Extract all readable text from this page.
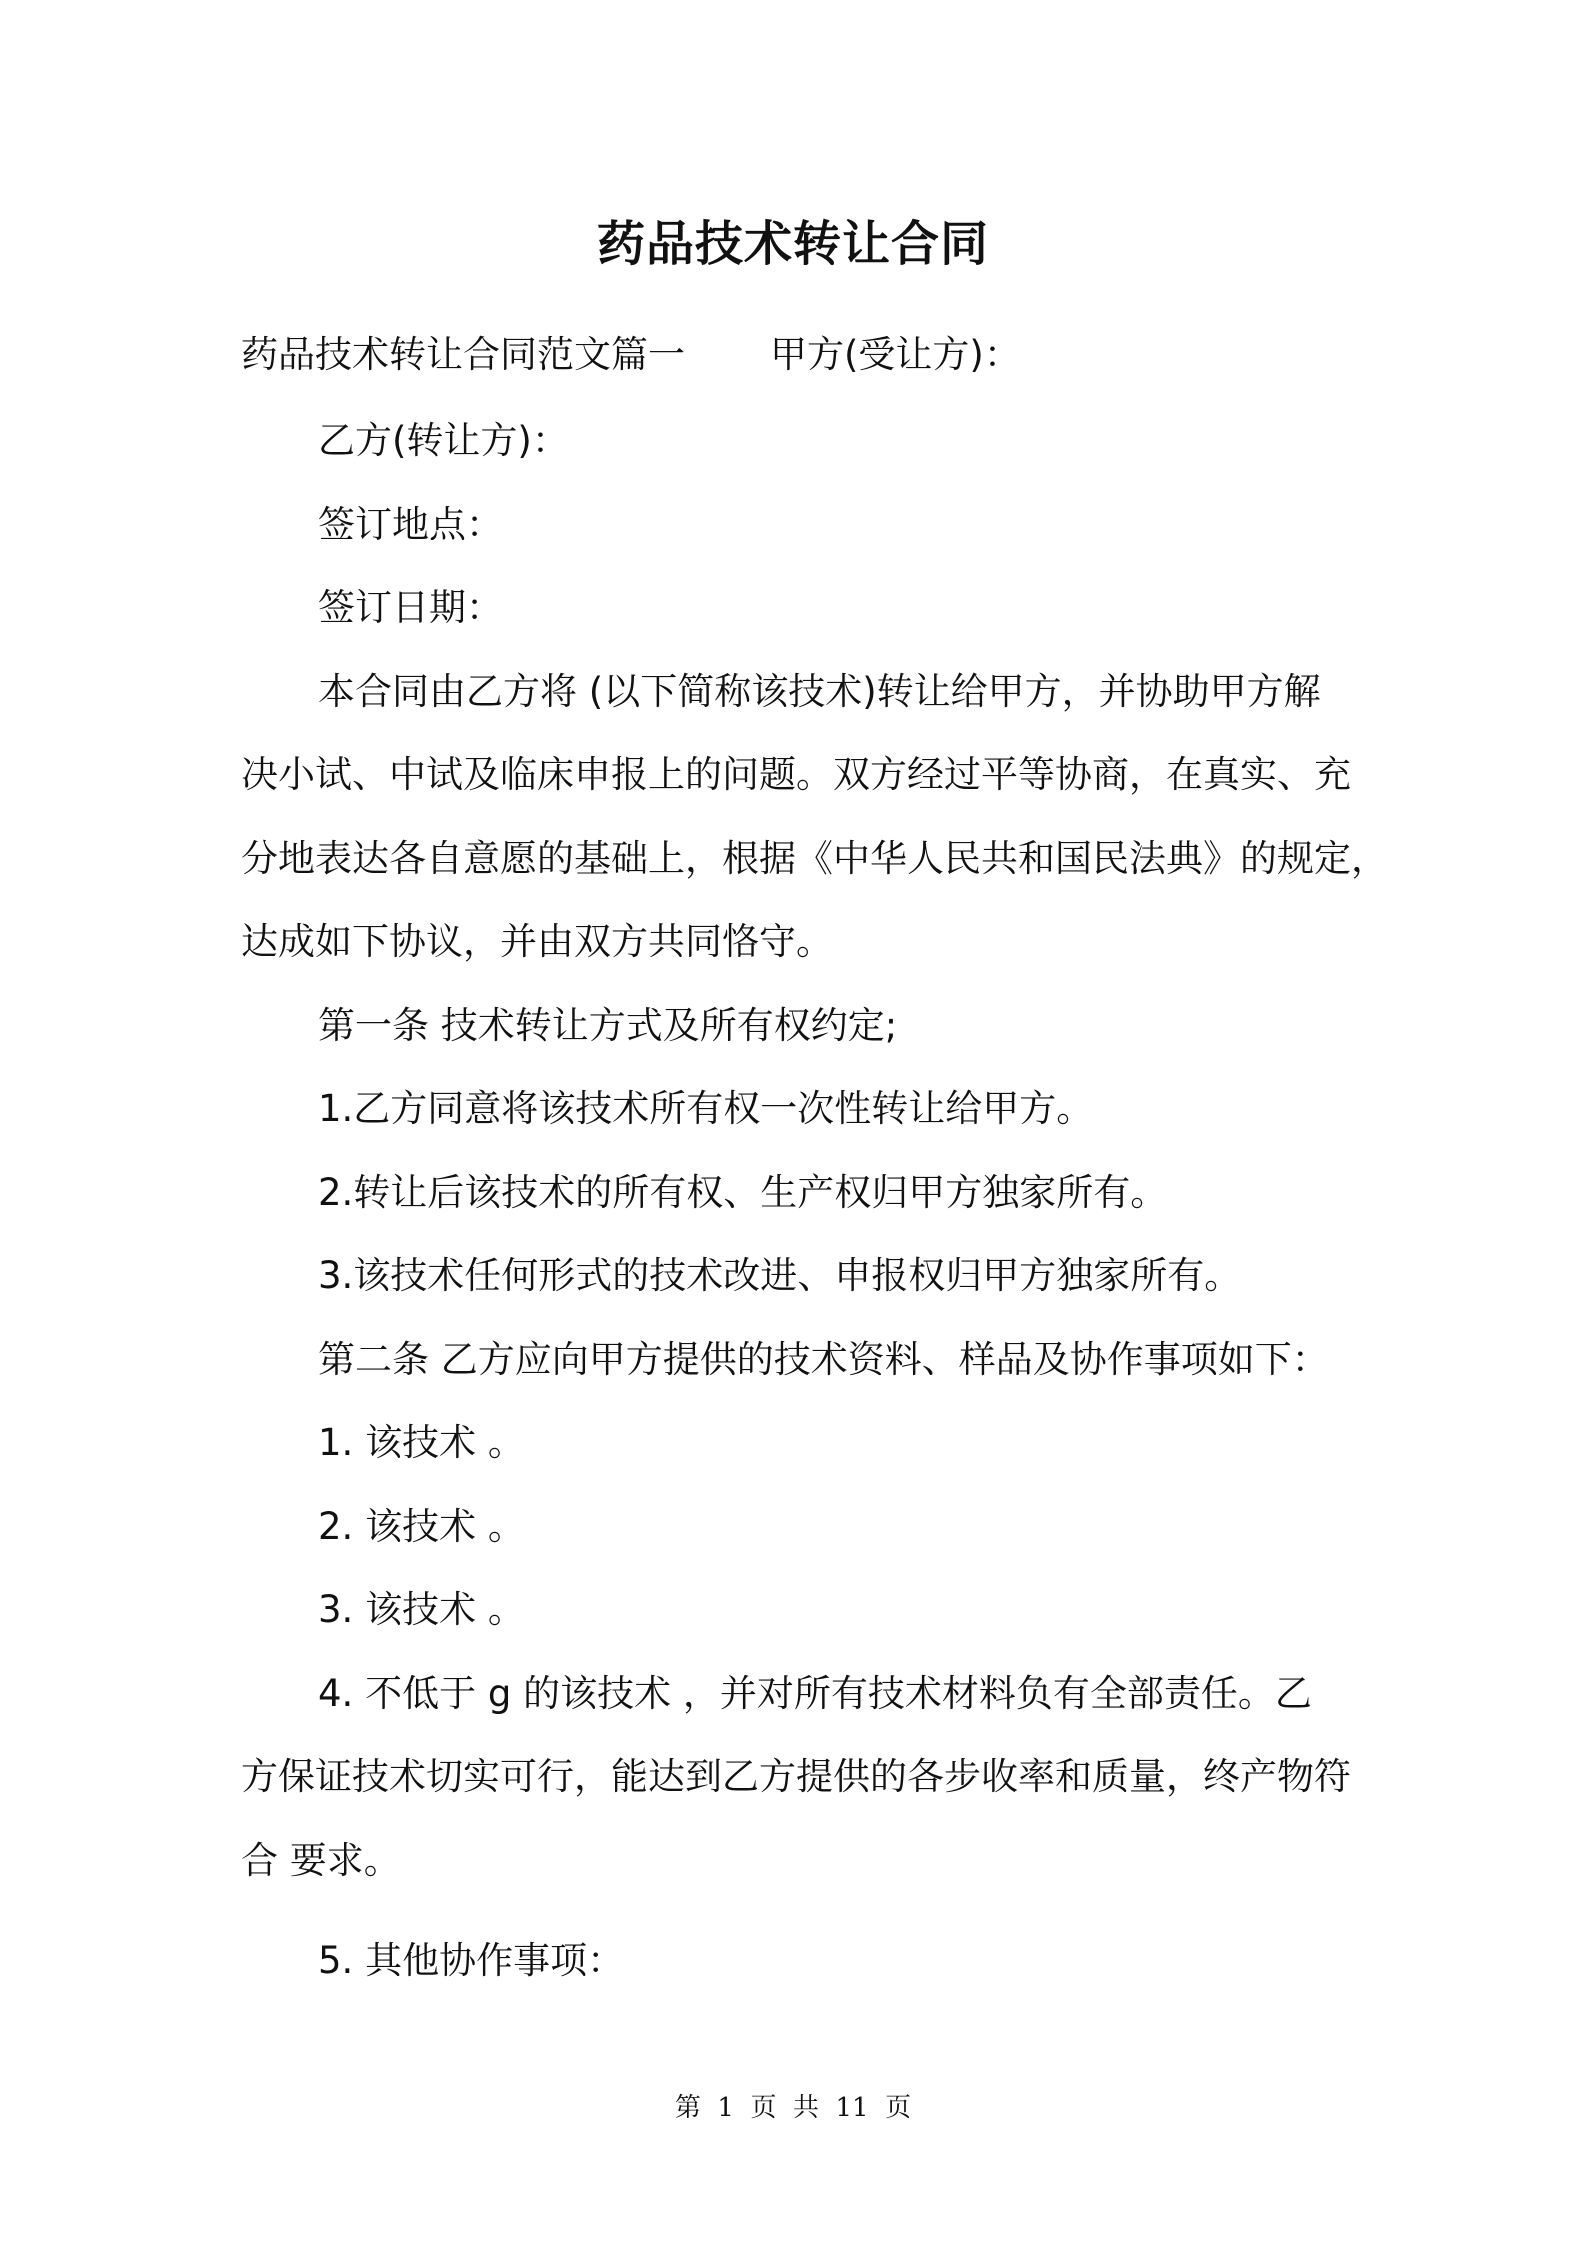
药品技术转让合同
药品技术转让合同范文篇一 甲方(受让方)：
乙方(转让方)：
签订地点：
签订日期：
本合同由乙方将 (以下简称该技术)转让给甲方，并协助甲方解
决小试、中试及临床申报上的问题。双方经过平等协商，在真实、充
分地表达各自意愿的基础上，根据《中华人民共和国民法典》的规定，
达成如下协议，并由双方共同恪守。
第一条 技术转让方式及所有权约定;
1.乙方同意将该技术所有权一次性转让给甲方。
2.转让后该技术的所有权、生产权归甲方独家所有。
3.该技术任何形式的技术改进、申报权归甲方独家所有。
第二条 乙方应向甲方提供的技术资料、样品及协作事项如下：
1. 该技术 。
2. 该技术 。
3. 该技术 。
4. 不低于 g 的该技术 ，并对所有技术材料负有全部责任。乙
方保证技术切实可行，能达到乙方提供的各步收率和质量，终产物符
合 要求。
5. 其他协作事项：
第  1  页  共  11  页
